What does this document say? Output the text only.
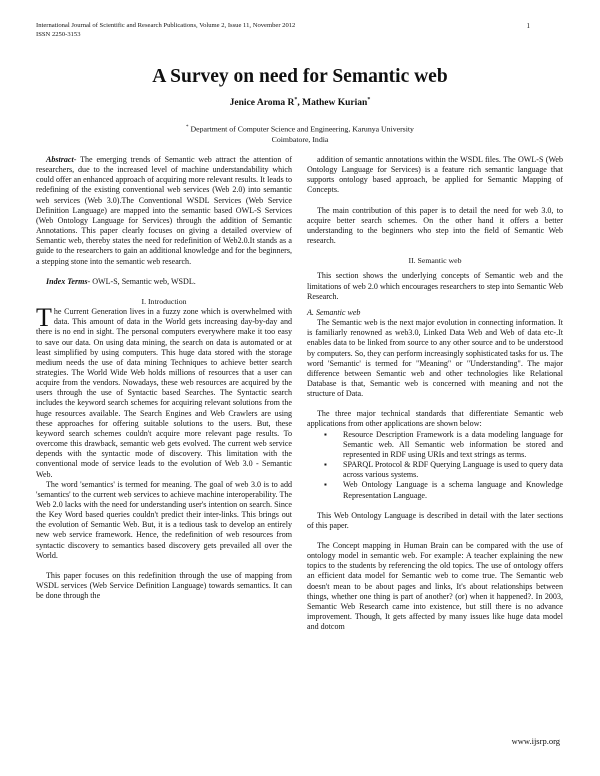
International Journal of Scientific and Research Publications, Volume 2, Issue 11, November 2012
ISSN 2250-3153
1
A Survey on need for Semantic web
Jenice Aroma R*, Mathew Kurian*
* Department of Computer Science and Engineering, Karunya University
Coimbatore, India

Abstract- The emerging trends of Semantic web attract the attention of researchers, due to the increased level of machine understandability which could offer an enhanced approach of acquiring more relevant results. It leads to redefining of the existing conventional web services (Web 2.0) into semantic web services (Web 3.0).The Conventional WSDL Services (Web Service Definition Language) are mapped into the semantic based OWL-S Services (Web Ontology Language for Services) through the addition of Semantic Annotations. This paper clearly focuses on giving a detailed overview of Semantic web, thereby states the need for redefinition of Web2.0.It stands as a guide to the researchers to gain an additional knowledge and for the beginners, a stepping stone into the semantic web research.

Index Terms- OWL-S, Semantic web, WSDL.

I. Introduction

The Current Generation lives in a fuzzy zone which is overwhelmed with data. This amount of data in the World gets increasing day-by-day and there is no end in sight. The personal computers everywhere make it too easy to save our data. On using data mining, the search on data is automated or at least simplified by using computers. This huge data stored with the storage medium needs the use of data mining Techniques to achieve better search strategies. The World Wide Web holds millions of resources that a user can acquire from the vendors. Nowadays, these web resources are acquired by the users through the use of Syntactic based Searches. The Syntactic search includes the keyword search schemes for acquiring relevant solutions from the huge resources available. The Search Engines and Web Crawlers are using these approaches for offering suitable solutions to the users. But, these keyword search schemes couldn't acquire more relevant page results. To overcome this drawback, semantic web gets evolved. The current web service depends with the syntactic mode of discovery. This limitation with the conventional mode of service leads to the evolution of Web 3.0 - Semantic Web.

The word 'semantics' is termed for meaning. The goal of web 3.0 is to add 'semantics' to the current web services to achieve machine interoperability. The Web 2.0 lacks with the need for understanding user's intention on search. Since the Key Word based queries couldn't predict their inter-links. This brings out the evolution of Semantic Web. But, it is a tedious task to develop an entirely new web service framework. Hence, the redefinition of web resources from syntactic discovery to semantics based discovery gets prevailed all over the World.

This paper focuses on this redefinition through the use of mapping from WSDL services (Web Service Definition Language) towards semantics. It can be done through the

addition of semantic annotations within the WSDL files. The OWL-S (Web Ontology Language for Services) is a feature rich semantic language that supports ontology based approach, be applied for Semantic Mapping of Concepts.

The main contribution of this paper is to detail the need for web 3.0, to acquire better search schemes. On the other hand it offers a better understanding to the beginners who step into the field of Semantic Web research.

II. Semantic web

This section shows the underlying concepts of Semantic web and the limitations of web 2.0 which encourages researchers to step into Semantic Web Research.

A. Semantic web

The Semantic web is the next major evolution in connecting information. It is familiarly renowned as web3.0, Linked Data Web and Web of data etc-.It enables data to be linked from source to any other source and to be understood by computers. So, they can perform increasingly sophisticated tasks for us. The word 'Semantic' is termed for "Meaning" or "Understanding". The major difference between Semantic web and other technologies like Relational Database is that, Semantic web is concerned with meaning and not the structure of Data.

The three major technical standards that differentiate Semantic web applications from other applications are shown below:

▪ Resource Description Framework is a data modeling language for Semantic web. All Semantic web information be stored and represented in RDF using URIs and text strings as terms.
▪ SPARQL Protocol & RDF Querying Language is used to query data across various systems.
▪ Web Ontology Language is a schema language and Knowledge Representation Language.

This Web Ontology Language is described in detail with the later sections of this paper.

The Concept mapping in Human Brain can be compared with the use of ontology model in semantic web. For example: A teacher explaining the new topics to the students by referencing the old topics. The use of ontology offers an efficient data model for Semantic web to come true. The Semantic web doesn't mean to be about pages and links, It's about relationships between things, whether one thing is part of another? (or) when it happened?. In 2003, Semantic Web Research came into existence, but still there is no advance improvement. Though, It gets affected by many issues like huge data model and dotcom

www.ijsrp.org
